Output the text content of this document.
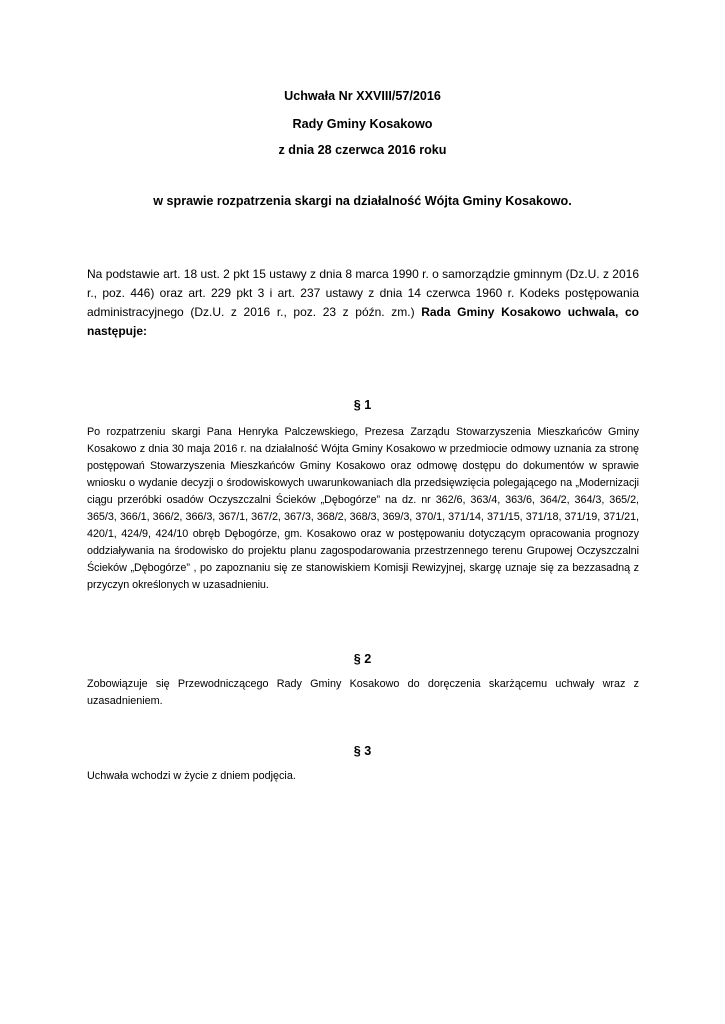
Uchwała Nr XXVIII/57/2016
Rady Gminy Kosakowo
z dnia 28 czerwca 2016 roku
w sprawie rozpatrzenia skargi na działalność Wójta Gminy Kosakowo.
Na podstawie art. 18 ust. 2 pkt 15 ustawy z dnia 8 marca 1990 r. o samorządzie gminnym (Dz.U. z 2016 r., poz. 446) oraz art. 229 pkt 3 i art. 237 ustawy z dnia 14 czerwca 1960 r. Kodeks postępowania administracyjnego (Dz.U. z 2016 r., poz. 23 z późn. zm.) Rada Gminy Kosakowo uchwala, co następuje:
§ 1
Po rozpatrzeniu skargi Pana Henryka Palczewskiego, Prezesa Zarządu Stowarzyszenia Mieszkańców Gminy Kosakowo z dnia 30 maja 2016 r. na działalność Wójta Gminy Kosakowo w przedmiocie odmowy uznania za stronę postępowań Stowarzyszenia Mieszkańców Gminy Kosakowo oraz odmowę dostępu do dokumentów w sprawie wniosku o wydanie decyzji o środowiskowych uwarunkowaniach dla przedsięwzięcia polegającego na „Modernizacji ciągu przeróbki osadów Oczyszczalni Ścieków „Dębogórze” na dz. nr 362/6, 363/4, 363/6, 364/2, 364/3, 365/2, 365/3, 366/1, 366/2, 366/3, 367/1, 367/2, 367/3, 368/2, 368/3, 369/3, 370/1, 371/14, 371/15, 371/18, 371/19, 371/21, 420/1, 424/9, 424/10 obręb Dębogórze, gm. Kosakowo oraz w postępowaniu dotyczącym opracowania prognozy oddziaływania na środowisko do projektu planu zagospodarowania przestrzennego terenu Grupowej Oczyszczalni Ścieków „Dębogórze” , po zapoznaniu się ze stanowiskiem Komisji Rewizyjnej, skargę uznaje się za bezzasadną z przyczyn określonych w uzasadnieniu.
§ 2
Zobowiązuje się Przewodniczącego Rady Gminy Kosakowo do doręczenia skarżącemu uchwały wraz z uzasadnieniem.
§ 3
Uchwała wchodzi w życie z dniem podjęcia.
